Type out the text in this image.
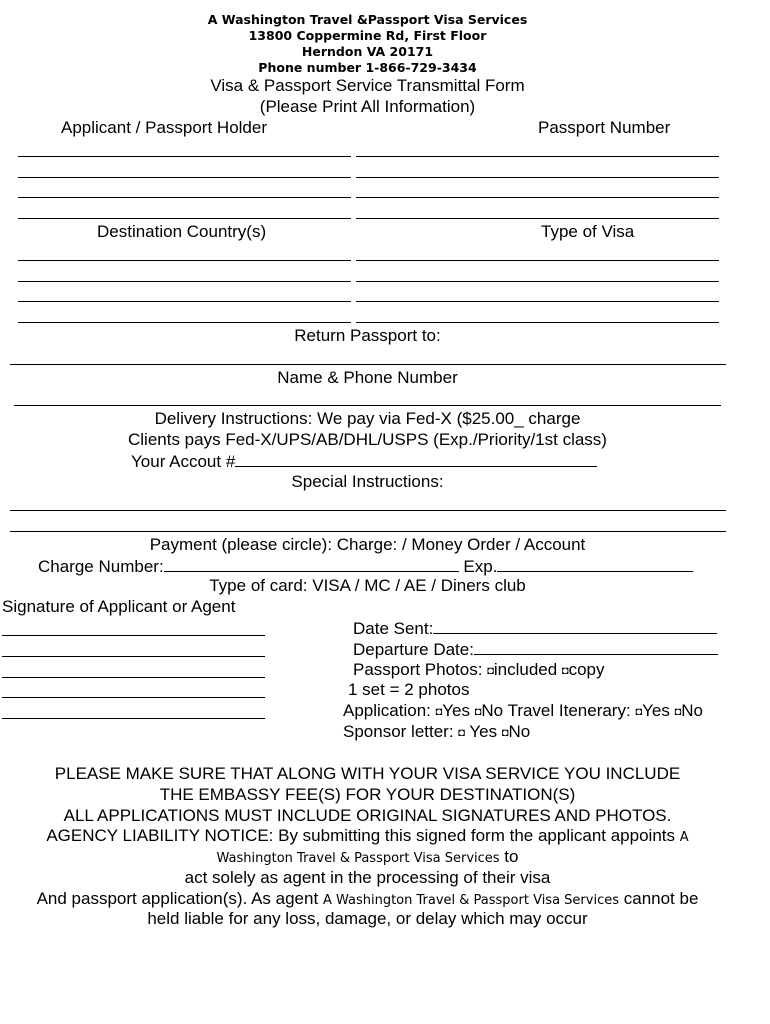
A Washington Travel &Passport Visa Services
13800 Coppermine Rd, First Floor
Herndon VA 20171
Phone number 1-866-729-3434
Visa & Passport Service Transmittal Form
(Please Print All Information)
Applicant / Passport Holder	Passport Number
Destination Country(s)	Type of Visa
Return Passport to:
Name & Phone Number
Delivery Instructions: We pay via Fed-X ($25.00_ charge
Clients pays Fed-X/UPS/AB/DHL/USPS (Exp./Priority/1st class)
Your Accout #
Special Instructions:
Payment (please circle): Charge: / Money Order / Account
Charge Number:	Exp.
Type of card: VISA / MC / AE / Diners club
Signature of Applicant or Agent
Date Sent:
Departure Date:
Passport Photos: ◘included ◘copy
1 set = 2 photos
Application: ◘Yes ◘No Travel Itenerary: ◘Yes ◘No
Sponsor letter: ◘ Yes ◘No
PLEASE MAKE SURE THAT ALONG WITH YOUR VISA SERVICE YOU INCLUDE
THE EMBASSY FEE(S) FOR YOUR DESTINATION(S)
ALL APPLICATIONS MUST INCLUDE ORIGINAL SIGNATURES AND PHOTOS.
AGENCY LIABILITY NOTICE: By submitting this signed form the applicant appoints A
Washington Travel & Passport Visa Services to
act solely as agent in the processing of their visa
And passport application(s). As agent A Washington Travel & Passport Visa Services cannot be
held liable for any loss, damage, or delay which may occur
